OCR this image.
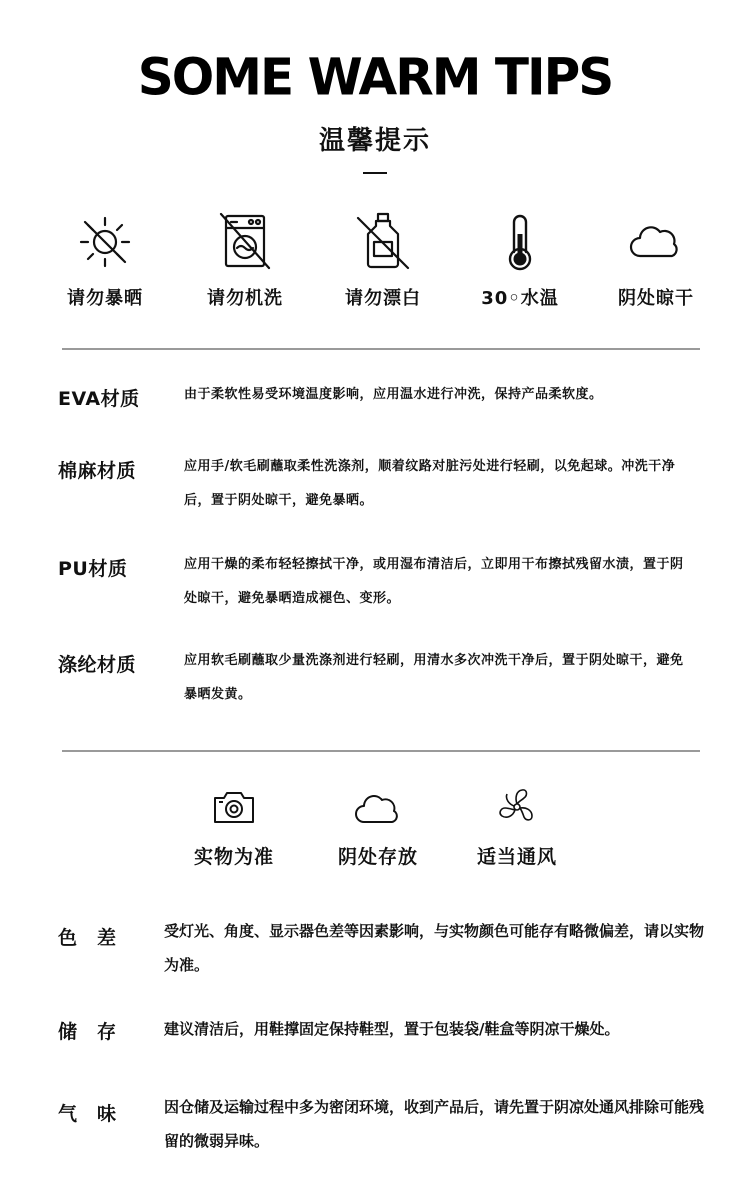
SOME WARM TIPS
温馨提示
请勿暴晒	请勿机洗	请勿漂白	30◦水温	阴处晾干
EVA材质	由于柔软性易受环境温度影响，应用温水进行冲洗，保持产品柔软度。
棉麻材质	应用手/软毛刷蘸取柔性洗涤剂，顺着纹路对脏污处进行轻刷，以免起球。冲洗干净后，置于阴处晾干，避免暴晒。
PU材质	应用干燥的柔布轻轻擦拭干净，或用湿布清洁后，立即用干布擦拭残留水渍，置于阴处晾干，避免暴晒造成褪色、变形。
涤纶材质	应用软毛刷蘸取少量洗涤剂进行轻刷，用清水多次冲洗干净后，置于阴处晾干，避免暴晒发黄。
实物为准	阴处存放	适当通风
色差 受灯光、角度、显示器色差等因素影响，与实物颜色可能存有略微偏差，请以实物为准。
储存 建议清洁后，用鞋撑固定保持鞋型，置于包装袋/鞋盒等阴凉干燥处。
气味 因仓储及运输过程中多为密闭环境，收到产品后，请先置于阴凉处通风排除可能残留的微弱异味。
